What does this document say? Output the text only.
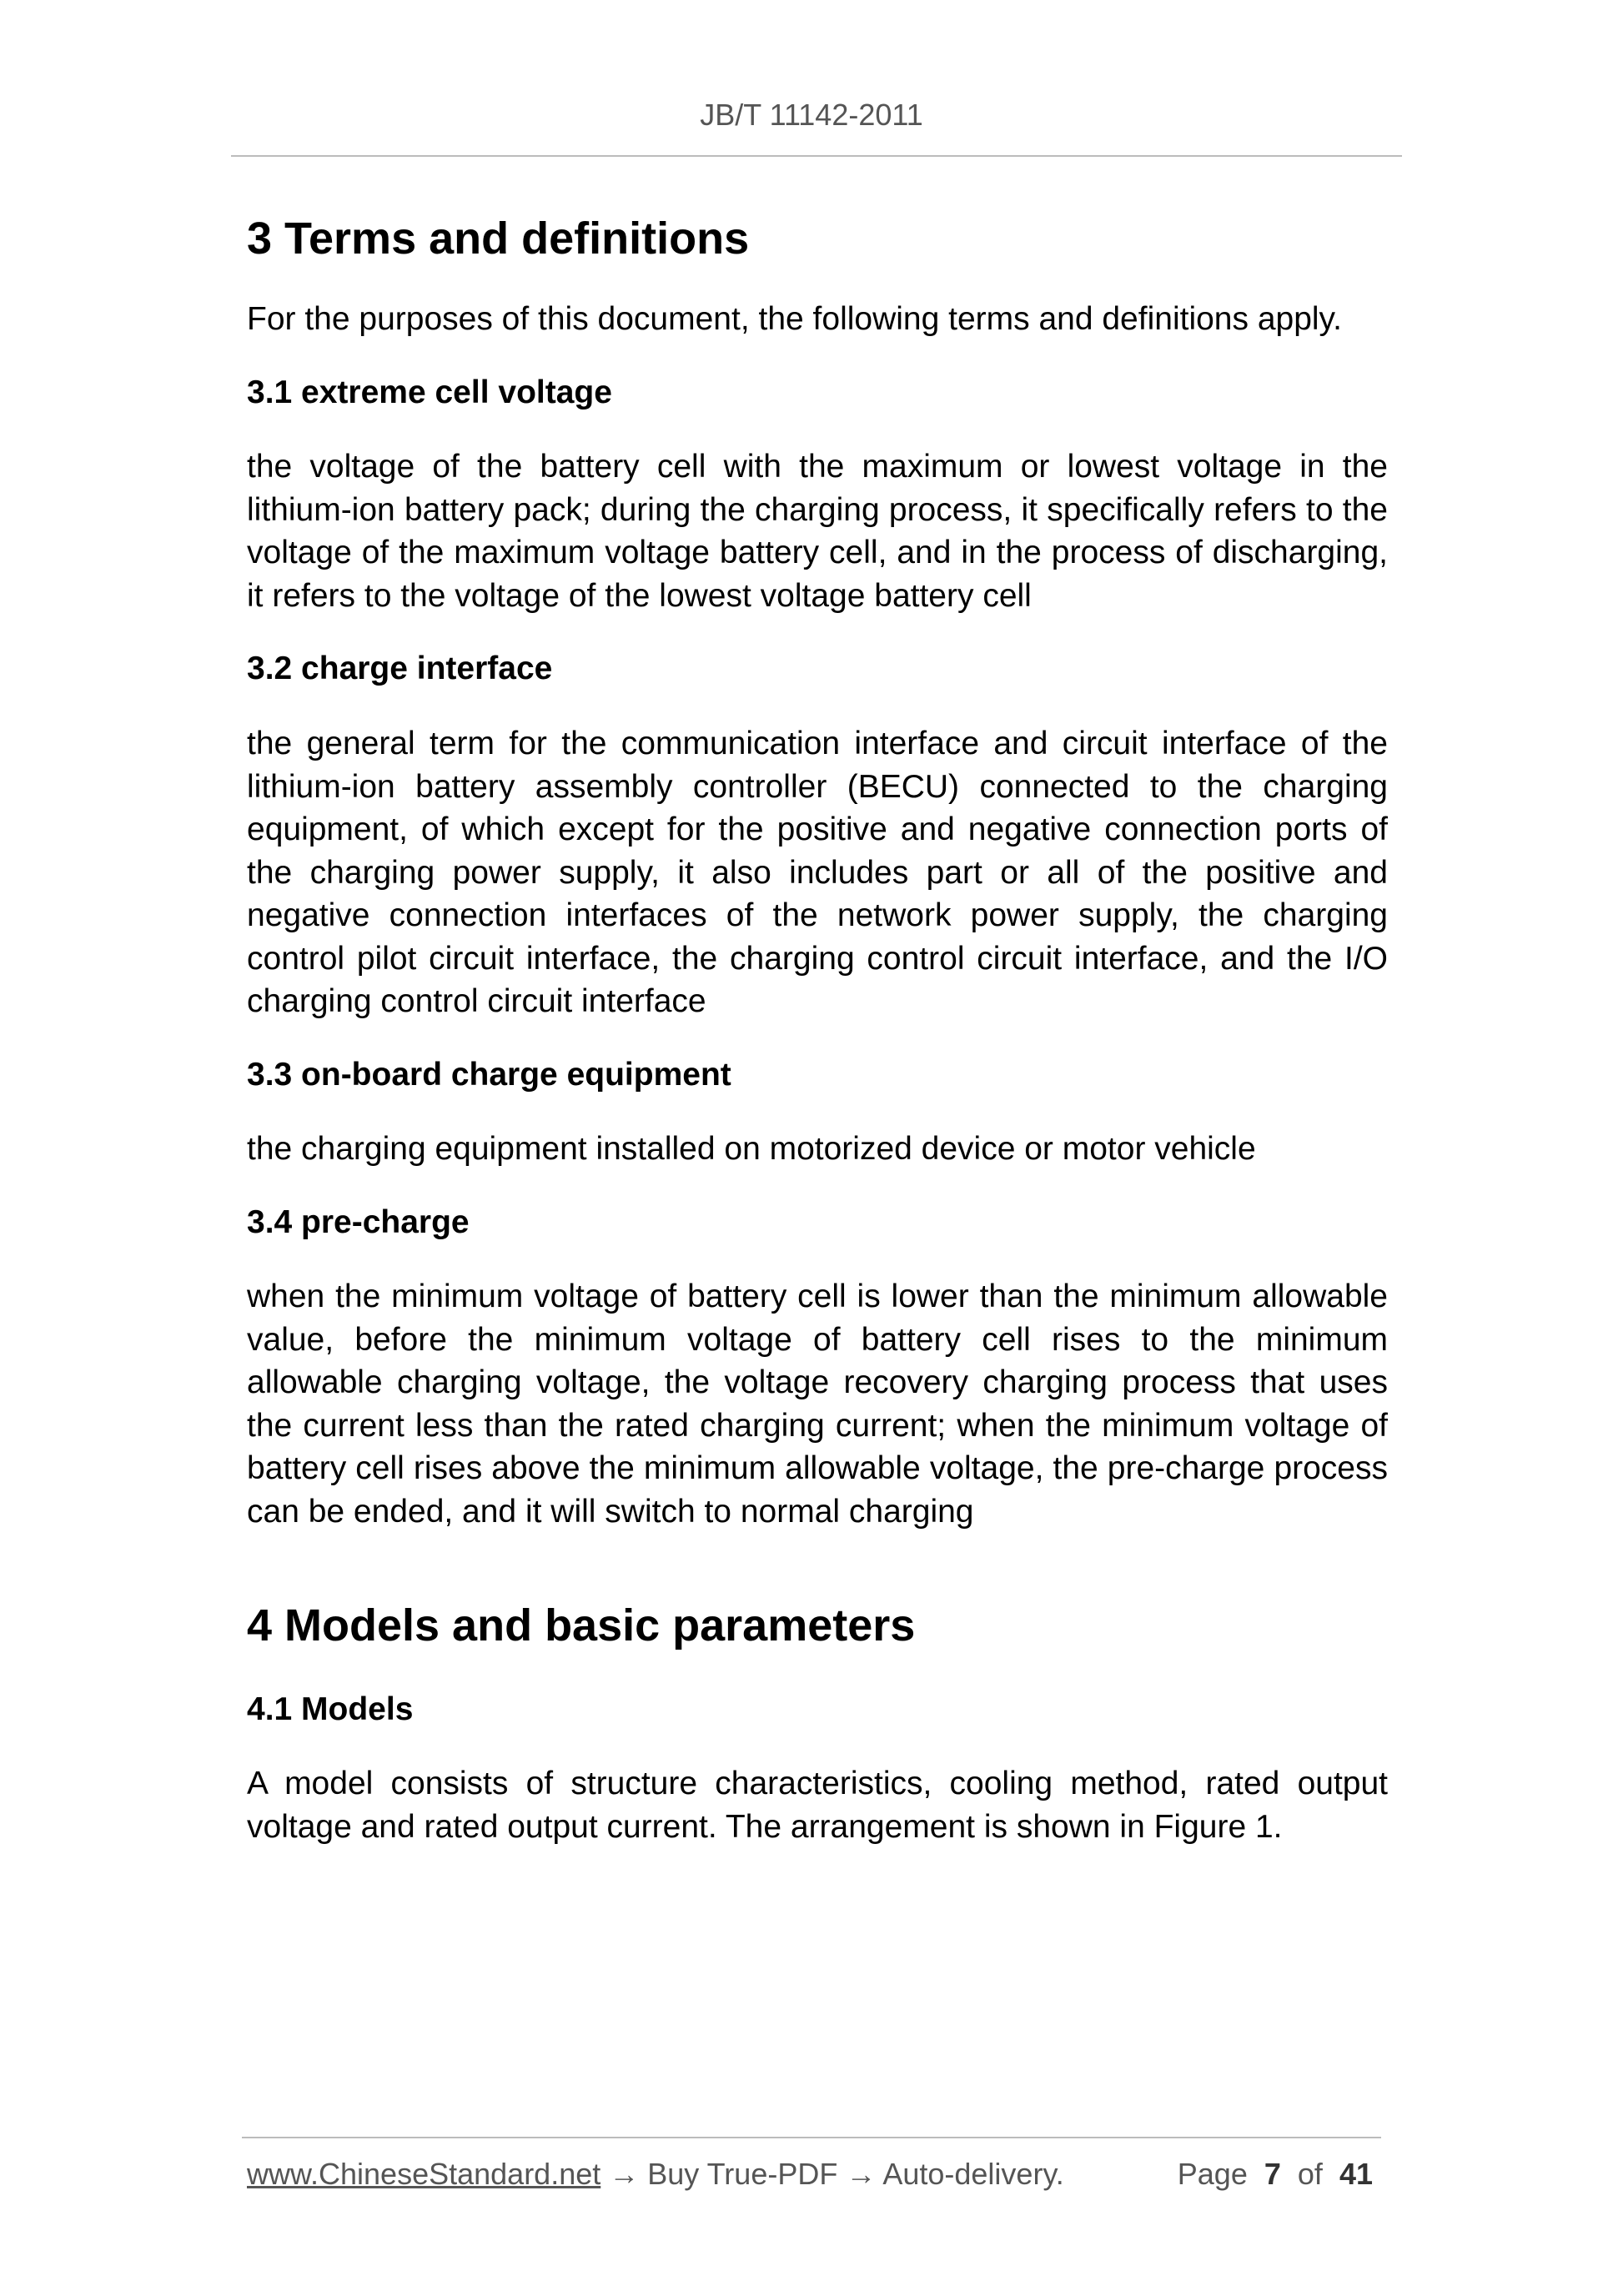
JB/T 11142-2011
3 Terms and definitions

For the purposes of this document, the following terms and definitions apply.

3.1 extreme cell voltage

the voltage of the battery cell with the maximum or lowest voltage in the lithium-ion battery pack; during the charging process, it specifically refers to the voltage of the maximum voltage battery cell, and in the process of discharging, it refers to the voltage of the lowest voltage battery cell

3.2 charge interface

the general term for the communication interface and circuit interface of the lithium-ion battery assembly controller (BECU) connected to the charging equipment, of which except for the positive and negative connection ports of the charging power supply, it also includes part or all of the positive and negative connection interfaces of the network power supply, the charging control pilot circuit interface, the charging control circuit interface, and the I/O charging control circuit interface

3.3 on-board charge equipment

the charging equipment installed on motorized device or motor vehicle

3.4 pre-charge

when the minimum voltage of battery cell is lower than the minimum allowable value, before the minimum voltage of battery cell rises to the minimum allowable charging voltage, the voltage recovery charging process that uses the current less than the rated charging current; when the minimum voltage of battery cell rises above the minimum allowable voltage, the pre-charge process can be ended, and it will switch to normal charging

4 Models and basic parameters
4.1 Models

A model consists of structure characteristics, cooling method, rated output voltage and rated output current. The arrangement is shown in Figure 1.

www.ChineseStandard.net → Buy True-PDF → Auto-delivery.	Page 7 of 41
